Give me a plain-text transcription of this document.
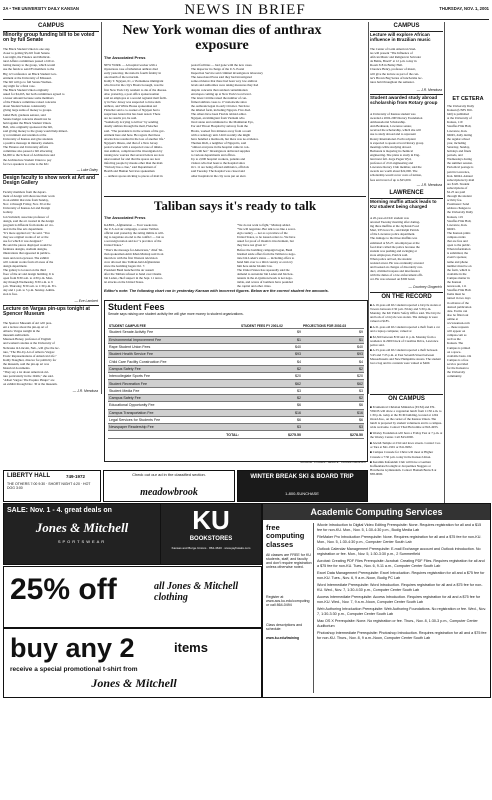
2A • THE UNIVERSITY DAILY KANSAN	NEWS IN BRIEF	THURSDAY, NOV. 1, 2001
CAMPUS
Minority group funding bill to be voted on by full Senate
The Black Student Union is one step
closer to getting $3,245 from Senate.
Last night, the Finance and Multicul-
tural Affairs committees passed a bill al-
lotting money to the group, which would
use the funds to send 85 members to the
Big 12 Conference on Black Student Gov-
ernment at the University of Missouri.
The bill will go to full Senate Wednes-
day night for a final vote.
The Black Student Union originally
asked for $4,265, but both committees agreed to
a lesser amount because some members
of the Finance committee raised concerns
about Student Senate consistently
giving large sums of money to groups.
Jamel Bell, graduate senator, said
Senate budget concerns should not be
held against the Black Student Union.
Bell, who originally sponsored the bill,
said giving money to the group would help minori-
ty recruitment and retention at the
University of Kansas and give students
a positive message in minority students.
The Finance and University Affairs
committee also passed a bill allocating
$4,000 to the School of Architecture and
the Architecture Student Union to pay
for two speakers to come to the KU.
— Luke Daley
Design faculty to show work at Art and Design Gallery
Faculty members from the depart-
ment of design will showcase their work
in an exhibit that runs from Sunday,
Nov. 4 through Friday, Nov. 30 at the
University of Kansas Art and Design
Gallery.
Jon Swindell, associate professor of
design, said the art created in the design
program is different from studio art cre-
ated in the fine arts department.
"It's more applied art," he said. "You
may see original works of art or the
use for which it was designed."
He said the pieces displayed would be
furniture designs, stadium designs,
illustrations that appeared in publica-
tions and even eyewear. The exhibit
will contain works from all areas of the
design department.
The gallery is located on the third
floor of the art and design building. It is
open from 8:30 a.m. to 4:30 p.m. Mon-
day through Wednesday, 8:30 a.m. to 9
p.m. Thursday, 8:30 a.m. to 1:30 p.m. Fri-
day and 1 p.m. to 5 p.m. Sunday. Admis-
sion is free.
— Eve Lambert
Lecture on Vargas pin-ups tonight at Spencer Museum
The Spencer Museum of Art will pres-
ent a lecture about the pin-up art of
Alberto Vargas tonight in the
museum auditorium.
Maureen Honey, professor of English
and women's studies at the University of
Nebraska in Lincoln, Neb., will give the lec-
ture, "The Pin-Up Art of Alberto Vargas:
Erotic Representations of American Life."
Kathy Slaughter, director for publicity for
the museum, said the pin-up art was
historical documents.
"They say a lot about American cul-
ture particularly in the 1940s," she said.
"Albert Vargas: The Esquire Pinups" are
on exhibit through Dec. 30 at the museum.
— J.R. Mendoza
New York woman dies of anthrax exposure
The Associated Press
NEW YORK — A hospital worker with a
mysterious case of inhalation anthrax died
early yesterday, the nation's fourth fatality in
one month of the terrorism.
Kathy T. Nguyen, 61, a Vietnamese immigrant
who lived in the city's Bronx borough, was the
first New York City resident to die of the disease.
Also yesterday, a post office spokeswoman
said an employee at a second regional mail facili-
ty in New Jersey was suspected to have skin
anthrax, and White House spokesman Ari
Fleischer said a co-worker of Nguyen had a
suspicious lesion that has been tested. There
are no results yet, he said.
"Somebody is trying to kill us" by sending
deadly anthrax through the mail, Fleischer
said. "The president is in the actions of the gov-
ernment here and here. He regrets that these
attacks have resulted in the loss of another life."
Nguyen's illness, and that of a New Jersey
postal worker with a suspected case of inhala-
tion anthrax, complicated the investigation by
raising new worries that several letters are now
unaccounted for and that the spores are now
infecting people by means other than the mail.
"Nobody has a clue," said Department of
Health and Human Services spokesman
— anthrax spores sticking to pieces of mail in
postal facilities — had gone with the new cases.
The inspector in charge of the U.S. Postal
Inspection Service said criminal investigators laboratory
The Associated Press said they had investigated
some evidence that there had been very low anthrax
levels and authorities were taking measures they had
despite concerns that residual contamination
envelopes coming up at New York's local level.
The latest victims raised the number of con-
firmed anthrax cases to 17 nationwide since
the outbreak began in early October. Ten have
the inhaled form, including Nguyen. Five died.
The others have been Florida tabloid editor.
Nguyen, an immigrant from Vietnam who
lived alone and commuted to the Manhattan Eye,
Ear and Throat Hospital by subway from the
Bronx, worked five minutes away from a room
with a radiology unit. Until recently she might
have handled a mailroom, but there was no evidence.
Thomas Rich, a neighbor of Nguyen's, said
"almost everyone in the hospital came in con-
tact with her." Investigators delivered supplies
to various departments and offices.
Up to 2,000 hospital workers, patients and
visitors who had been to the hospital since
Oct. 11 are being offered antibiotics, officials
said Tuesday. The hospital was closed and
other hospitals in the city were put on alert.
Taliban says it's ready to talk
The Associated Press
KABUL, Afghanistan — Four weeks into
the U.S.-led air campaign, a senior Taliban
official said yesterday the ruling militia is will-
ing to negotiate an end to the conflict — but as
a sovereign nation and not "a province of the
United States."
"That's the message for Americans," chief Tal-
iban spokesman Amir Khan Muttaqi said in an
interview with the first Western television
crew allowed into Taliban-held Afghanistan
since the bombing began Oct. 7.
President Bush launched the air assault
after the Taliban refused to hand over Osama
bin Laden, chief suspect in the Sept. 11 terror-
ist attacks on the United States.
"We do not want to fight," Muttaqi added.
"We will negotiate. But talk to us like a sover-
eign country — not as a province of the
United States, to be issued orders to. We have
asked for proof of Osama's involvement, but
they have not given it."
Before the bombing campaign began, Bush
brushed aside offers from the Taliban to nego-
tiate bin Laden's status — including offers to
hand him over to a third country or even try
him here under Islamic law.
The United States has repeatedly said the
demand to surrender bin Laden and his lieu-
tenants in the al-Qaida network is not nego-
tiable, and waves of bombers have pounded
the capital and other cities.
Editor's note: The following chart ran in yesterday Kansan with incorrect figures. Below are the correct student fee amounts.
Student Fees
Senate says raising one student activity fee will give more money to student organizations.
STUDENT CAMPUS FEE	STUDENT FEES FY 2001-02	PROJECTIONS FOR 2002-03
Student Senate Activity Fee	$9	$9
Environmental Improvement Fee	$1	$1
Rape Student Union Fees	$40	$40
Student Health Service Fee	$93	$93
Child Care Facility Construction Fee	$4	$4
Campus Safety Fee	$2	$2
Intercollegiate Sports Fee	$20	$20
Student Recreation Fee	$62	$62
Student Media Fee	$3	$3
Campus Safety Fee	$2	$2
Educational Opportunity Fee	$6	$6
Campus Transportation Fee	$16	$16
Legal Services for Students Fee	$6	$6
Newspaper Readership Fee	$3	$3
TOTAL:	$275.50	$278.50
SOURCE: STUDENT SENATE · KANSAN GRAPHIC
CAMPUS
Lecture will explore African influence in Brazilian music
The Center of Latin American Stud-
ies will present "The Influence of
African Music and Religion in Salvador
da Bahia, Brazil" at 12 p.m. today in
Room 318 in Bailey Hall.
Clarence Henry, professor of music,
will give the lecture as part of the cen-
ter's Brown Bag Series of lunch-time lec-
tures held throughout the semester.
— J.R. Mendoza
Student awarded study abroad scholarship from Rotary group
A University of Kansas student was
awarded a 2002-2003 Rotary Foundation
Ambassadorial Scholarship.
Ann Bednarek, Lawrence senior,
received the scholarship, which she will
use to study abroad and to represent
Rotary International. Each recipient
is expected to speak at local Rotary group
meetings while studying abroad.
Bednarek is majoring in chemical
engineering. She plans to study in Eng-
land next fall. Jorge Pagan Wyd,
professor of civil engineering and
Lawrence Rotary Club member, said the
awards are worth about $22,000. The
scholarship would cover costs of tuition,
fees and travel of up to $25,000.
— J.R. Mendoza
LAWRENCE
Morning muffin attack leads to KU student being charged
A 20-year-old KU student was
arrested Tuesday morning after damag-
ing three muffins at the Jayhawk Food
Mart, 935 Iowa St., said Ralph Patrick
of the Lawrence police department.
The damage to the three muffins was
estimated at $3.27. An employee at the
food mart called the police because the
student was pushing and swinging at
store employees, Patrick said.
When police arrived, the student
resisted arrest. He was eventually arrested
and booked on charges of disorderly con-
duct, criminal trespass and interference
with the duties of a law enforcement offi-
cer. He was released on $300 bond.
— Courtney Gingerich
ON THE RECORD
■ A 19-year-old KU student reported a bicycle stolen at Towers between 2:30 p.m. Friday and 5:30 p.m. Monday, the KU Public Safety Office said. The bicycle and lock of a bicycle was stolen. The damage is were valued at $185.
■ A 21-year-old KU student reported a theft from a car and a laptop computer, valued at
■ $2,360 between 8:30 and 11 p.m. Monday from a residence in 2900 block of Crestline Drive, Lawrence police said.
■ A 23-year-old KU student reported a theft between 5:45 and 7:25 p.m. at East Seventh Street between Massachusetts and New Hampshire streets. The student lost a bag and its contents were valued at $460.
ON CAMPUS
■ Ecumenical Christian Ministries (ECM) and EN-VIROS will show a vegetarian lunch from 11:30 a.m. to 1:30 p.m. today at the ECM building, located at 1204 Oread Ave., on the corner of the Kansas Union. The lunch is prepared by student volunteers and is a campus-wide welcome. Contact Thad Holcombe at 843-4933.
■ Wesley Foundation will have a Friday Fest at 7 p.m. at the Wesley Center. Call 843-0000.
■ Jewish Temple at 23rd and Iowa streets. Contact Ceo or Tara at 841-1991 or 841-8282.
■ Campus Crusade for Christ will meet at Higher Crusade a 7:30 p.m. today in the Kansas Union.
■ Keramik Kafeeklub Club will have a German Kaffeeklatsch tonight at Jacquelines Nuggets at Hawthorne Gymnasium. Contact Hannah Bertsch at 838-0000.
ET CETERA
The University Daily
Kansan (USPS 650-
640) is published
at the University of
Kansas, 119
Stauffer-Flint Hall,
Lawrence, Kan.
66045, daily during
the regular school
year, including
Saturday, Sunday,
holidays and finals
periods, and
Wednesdays during
the summer session.
Periodical postage is
paid in Lawrence,
Kan. 66044. Annual
subscriptions by mail
are $120. Student
subscriptions of
$2.25 are paid
through the student
activity fee.
Postmaster: Send
address changes to
the University Daily
Kansan, 119
Stauffer-Flint Hall,
Lawrence, Kan.
66045.
The Kansan prints
campus events
that are free and
open to the public.
When information
is submitted, the
event's sponsor,
name and phone
number must be on
the form, which is
available in the
Campus matter in
the Kansan
newsroom, 111
Stauffer-Flint Hall.
Items must be
turned in two days
in advance of the
desired publication
date. Forms can
also be filled out
online at
www.kansan.com
— these requests
will appear on
campus.com as
well as the
Kansan. The
Campus is printed
on a space-
available basis. On
Campus is a free
service provided
for the Kansan to
the University
community.
LIBERTY HALL	749-1972
THE OTHERS 7:00 9:30 · SHORT NIGHT 4:20 · HOT DOG 3:00
Check out our ad in the classified section.
meadowbrook
WINTER BREAK SKI & BOARD TRIP
1-800-SUNCHASE
SALE: Nov. 1 - 4. great deals on
Jones & Mitchell
SPORTSWEAR
KU
BOOKSTORES
Kansas and Burge Unions · 864-4640 · www.jayhawks.com
25% off	all Jones & Mitchell clothing
buy any 2	items
receive a special promotional t-shirt from
Jones & Mitchell
Academic Computing Services
free computing classes
All classes are FREE for KU students, staff, and faculty and don't require registration unless otherwise noted.
Register at www.acs.ku.edu/computing or call 864-0494
Class descriptions and schedule:
www.ku.edu/training
iMovie Introduction to Digital Video Editing Prerequisite: None. Requires registration for all and a $15 fee for non-KU. Mon., Nov. 5, 1:30-4:30 p.m., Budig Media Lab
FileMaker Pro Introduction Prerequisite: None. Requires registration for all and a $75 fee for non-KU. Mon., Nov. 5, 1:30-4:30 p.m., Computer Center South Lab
Outlook Calendar Management Prerequisite: E-mail Exchange account and Outlook introduction. No registration or fee. Mon., Nov. 5, 1:30-3:30 p.m., 2 Summerfield
Acrobat: Creating PDF Files Prerequisite: Acrobat: Creating PDF Files. Requires registration for all and a $75 fee for non-KU. Tues., Nov. 6, 9-11 a.m., Computer Center South Lab
Excel Data Management Prerequisite: Excel Introduction. Requires registration for all and a $75 fee for non-KU. Tues., Nov. 6, 9 a.m.-Noon, Budig PC Lab
Word Intermediate Prerequisite: Word Introduction. Requires registration for all and a $75 fee for non-KU. Wed., Nov. 7, 1:30-4:30 p.m., Computer Center South Lab
Access Intermediate Prerequisite: Access Introduction. Requires registration for all and a $75 fee for non-KU. Wed., Nov. 7, 9 a.m.-Noon, Computer Center South Lab
Web Authoring Introduction Prerequisite: Web Authoring Foundations. No registration or fee. Wed., Nov. 7, 1:30-3:30 p.m., Computer Center South Lab
Mac OS X Prerequisite: None. No registration or fee. Thurs., Nov. 8, 1:30-3 p.m., Computer Center Auditorium
Photoshop Intermediate Prerequisite: Photoshop Introduction. Requires registration for all and a $75 fee for non-KU. Thurs., Nov. 8, 9 a.m.-Noon, Computer Center South Lab
